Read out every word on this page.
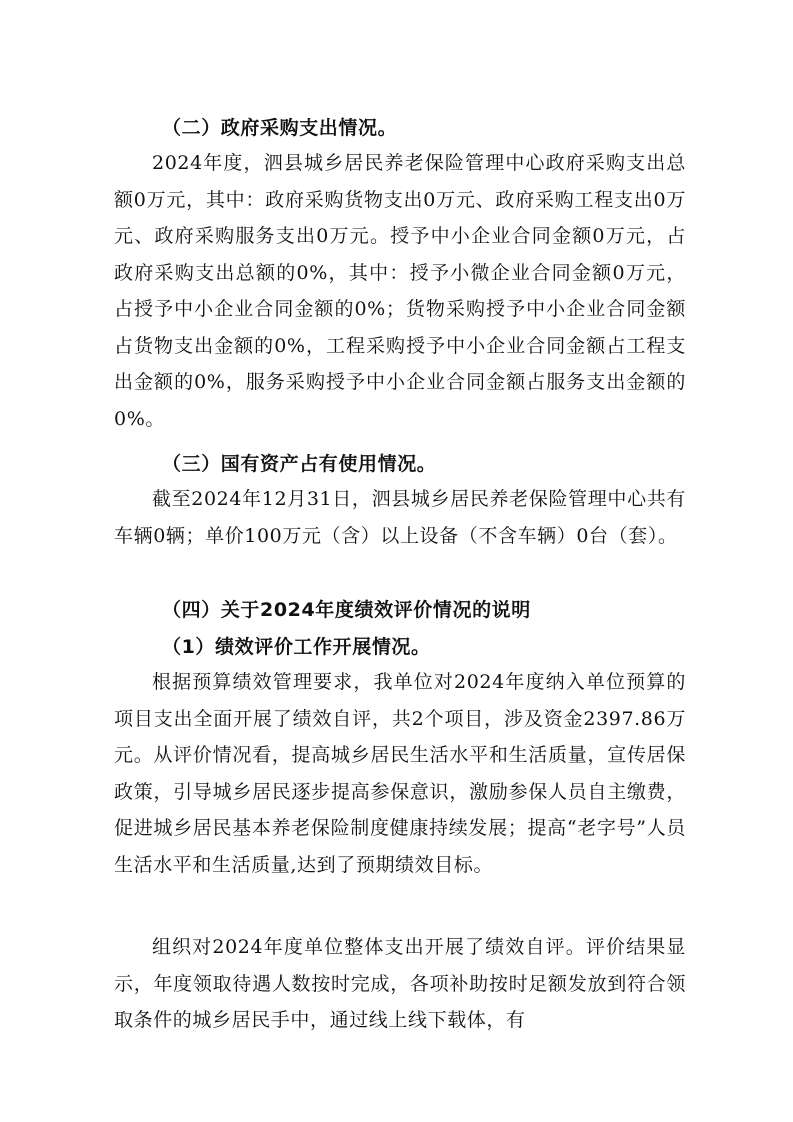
（二）政府采购支出情况。

2024年度，泗县城乡居民养老保险管理中心政府采购支出总额0万元，其中：政府采购货物支出0万元、政府采购工程支出0万元、政府采购服务支出0万元。授予中小企业合同金额0万元，占政府采购支出总额的0%，其中：授予小微企业合同金额0万元，占授予中小企业合同金额的0%；货物采购授予中小企业合同金额占货物支出金额的0%，工程采购授予中小企业合同金额占工程支出金额的0%，服务采购授予中小企业合同金额占服务支出金额的0%。

（三）国有资产占有使用情况。

截至2024年12月31日，泗县城乡居民养老保险管理中心共有车辆0辆；单价100万元（含）以上设备（不含车辆）0台（套）。

（四）关于2024年度绩效评价情况的说明

（1）绩效评价工作开展情况。

根据预算绩效管理要求，我单位对2024年度纳入单位预算的项目支出全面开展了绩效自评，共2个项目，涉及资金2397.86万元。从评价情况看，提高城乡居民生活水平和生活质量，宣传居保政策，引导城乡居民逐步提高参保意识，激励参保人员自主缴费，促进城乡居民基本养老保险制度健康持续发展；提高“老字号”人员生活水平和生活质量,达到了预期绩效目标。

组织对2024年度单位整体支出开展了绩效自评。评价结果显示，年度领取待遇人数按时完成，各项补助按时足额发放到符合领取条件的城乡居民手中，通过线上线下载体，有
